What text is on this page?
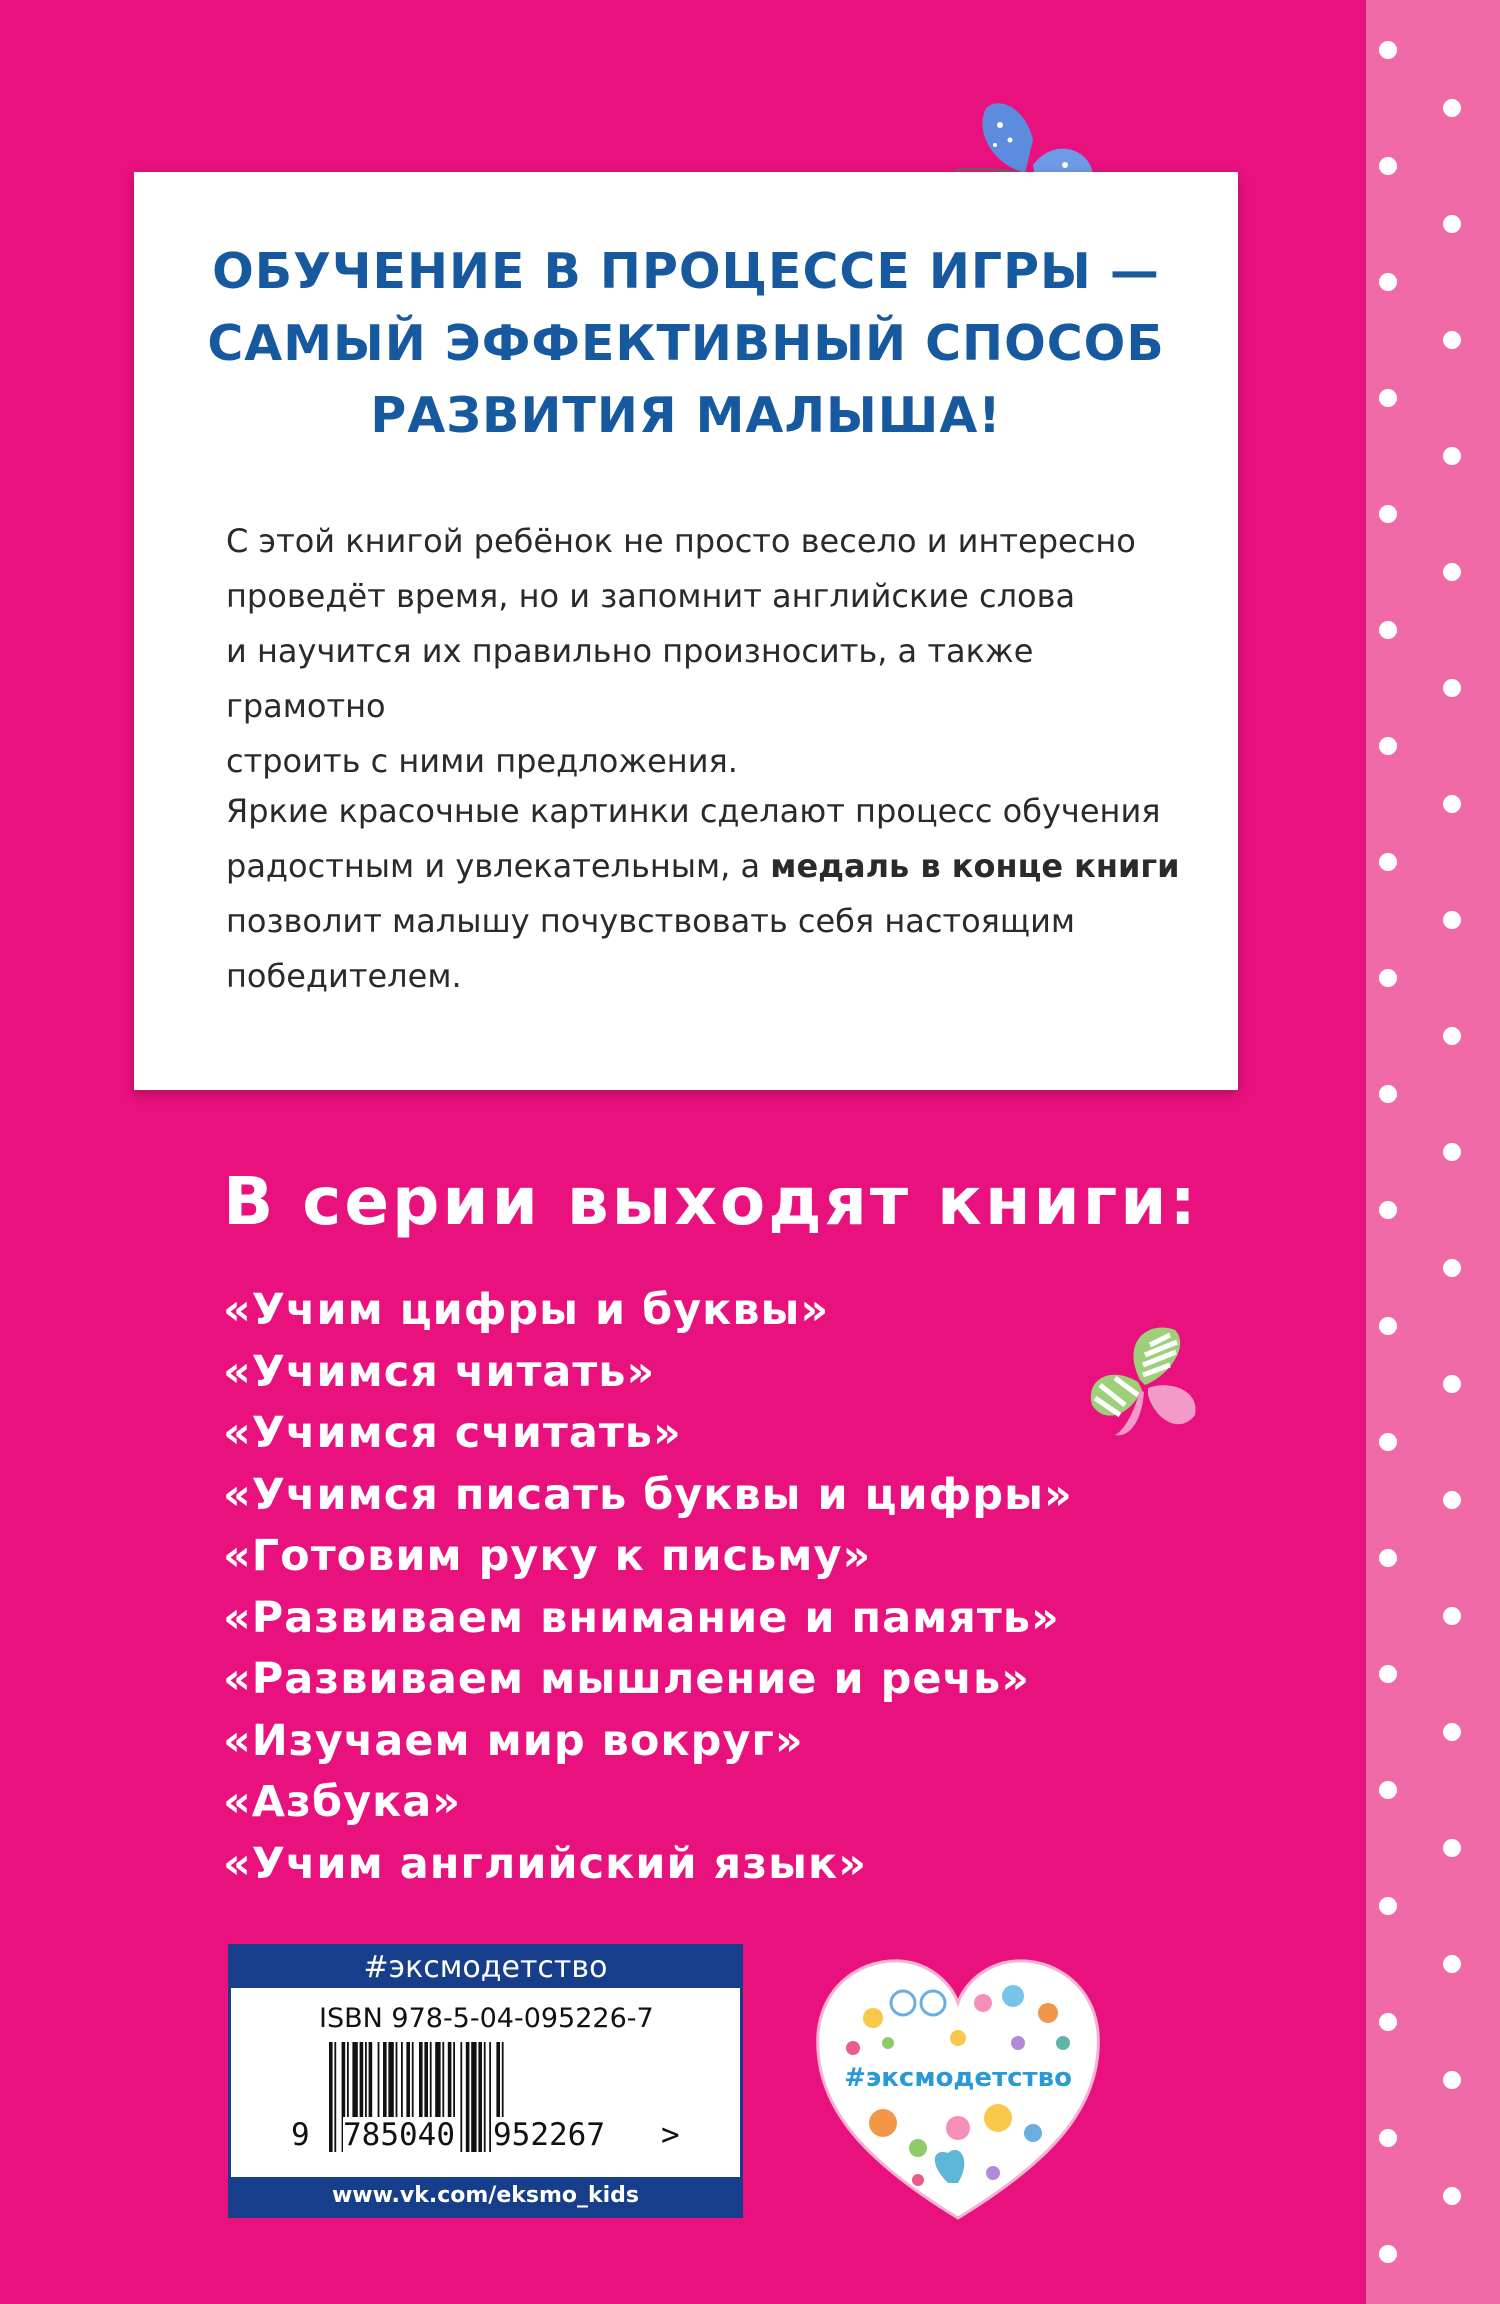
ОБУЧЕНИЕ В ПРОЦЕССЕ ИГРЫ —
САМЫЙ ЭФФЕКТИВНЫЙ СПОСОБ
РАЗВИТИЯ МАЛЫША!
С этой книгой ребёнок не просто весело и интересно
проведёт время, но и запомнит английские слова
и научится их правильно произносить, а также грамотно
строить с ними предложения.
Яркие красочные картинки сделают процесс обучения
радостным и увлекательным, а медаль в конце книги
позволит малышу почувствовать себя настоящим
победителем.
В серии выходят книги:
«Учим цифры и буквы»
«Учимся читать»
«Учимся считать»
«Учимся писать буквы и цифры»
«Готовим руку к письму»
«Развиваем внимание и память»
«Развиваем мышление и речь»
«Изучаем мир вокруг»
«Азбука»
«Учим английский язык»
#эксмодетство
ISBN 978-5-04-095226-7
9 785040 952267 >
www.vk.com/eksmo_kids
#эксмодетство
